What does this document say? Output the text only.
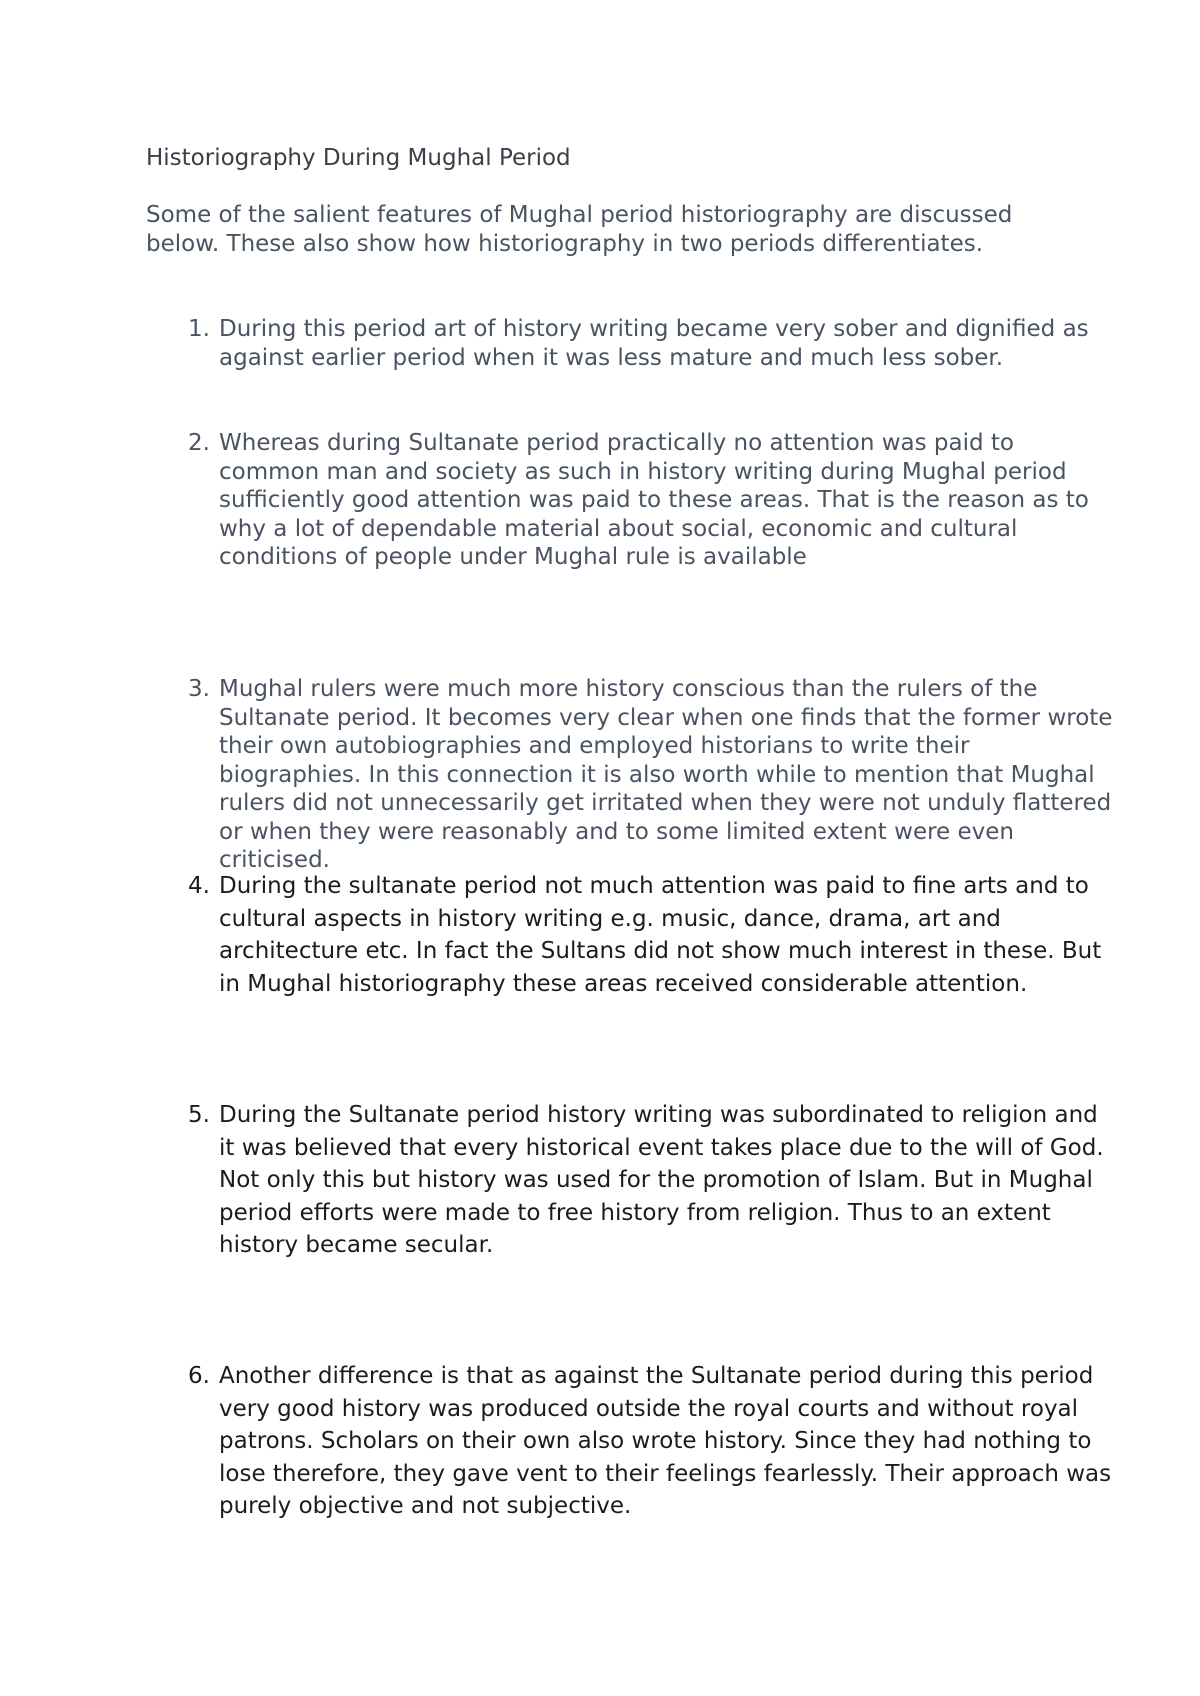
Historiography During Mughal Period
Some of the salient features of Mughal period historiography are discussed below. These also show how historiography in two periods differentiates.
1. During this period art of history writing became very sober and dignified as against earlier period when it was less mature and much less sober.
2. Whereas during Sultanate period practically no attention was paid to common man and society as such in history writing during Mughal period sufficiently good attention was paid to these areas. That is the reason as to why a lot of dependable material about social, economic and cultural conditions of people under Mughal rule is available
3. Mughal rulers were much more history conscious than the rulers of the Sultanate period. It becomes very clear when one finds that the former wrote their own autobiographies and employed historians to write their biographies. In this connection it is also worth while to mention that Mughal rulers did not unnecessarily get irritated when they were not unduly flattered or when they were reasonably and to some limited extent were even criticised.
4. During the sultanate period not much attention was paid to fine arts and to cultural aspects in history writing e.g. music, dance, drama, art and architecture etc. In fact the Sultans did not show much interest in these. But in Mughal historiography these areas received considerable attention.
5. During the Sultanate period history writing was subordinated to religion and it was believed that every historical event takes place due to the will of God. Not only this but history was used for the promotion of Islam. But in Mughal period efforts were made to free history from religion. Thus to an extent history became secular.
6. Another difference is that as against the Sultanate period during this period very good history was produced outside the royal courts and without royal patrons. Scholars on their own also wrote history. Since they had nothing to lose therefore, they gave vent to their feelings fearlessly. Their approach was purely objective and not subjective.
